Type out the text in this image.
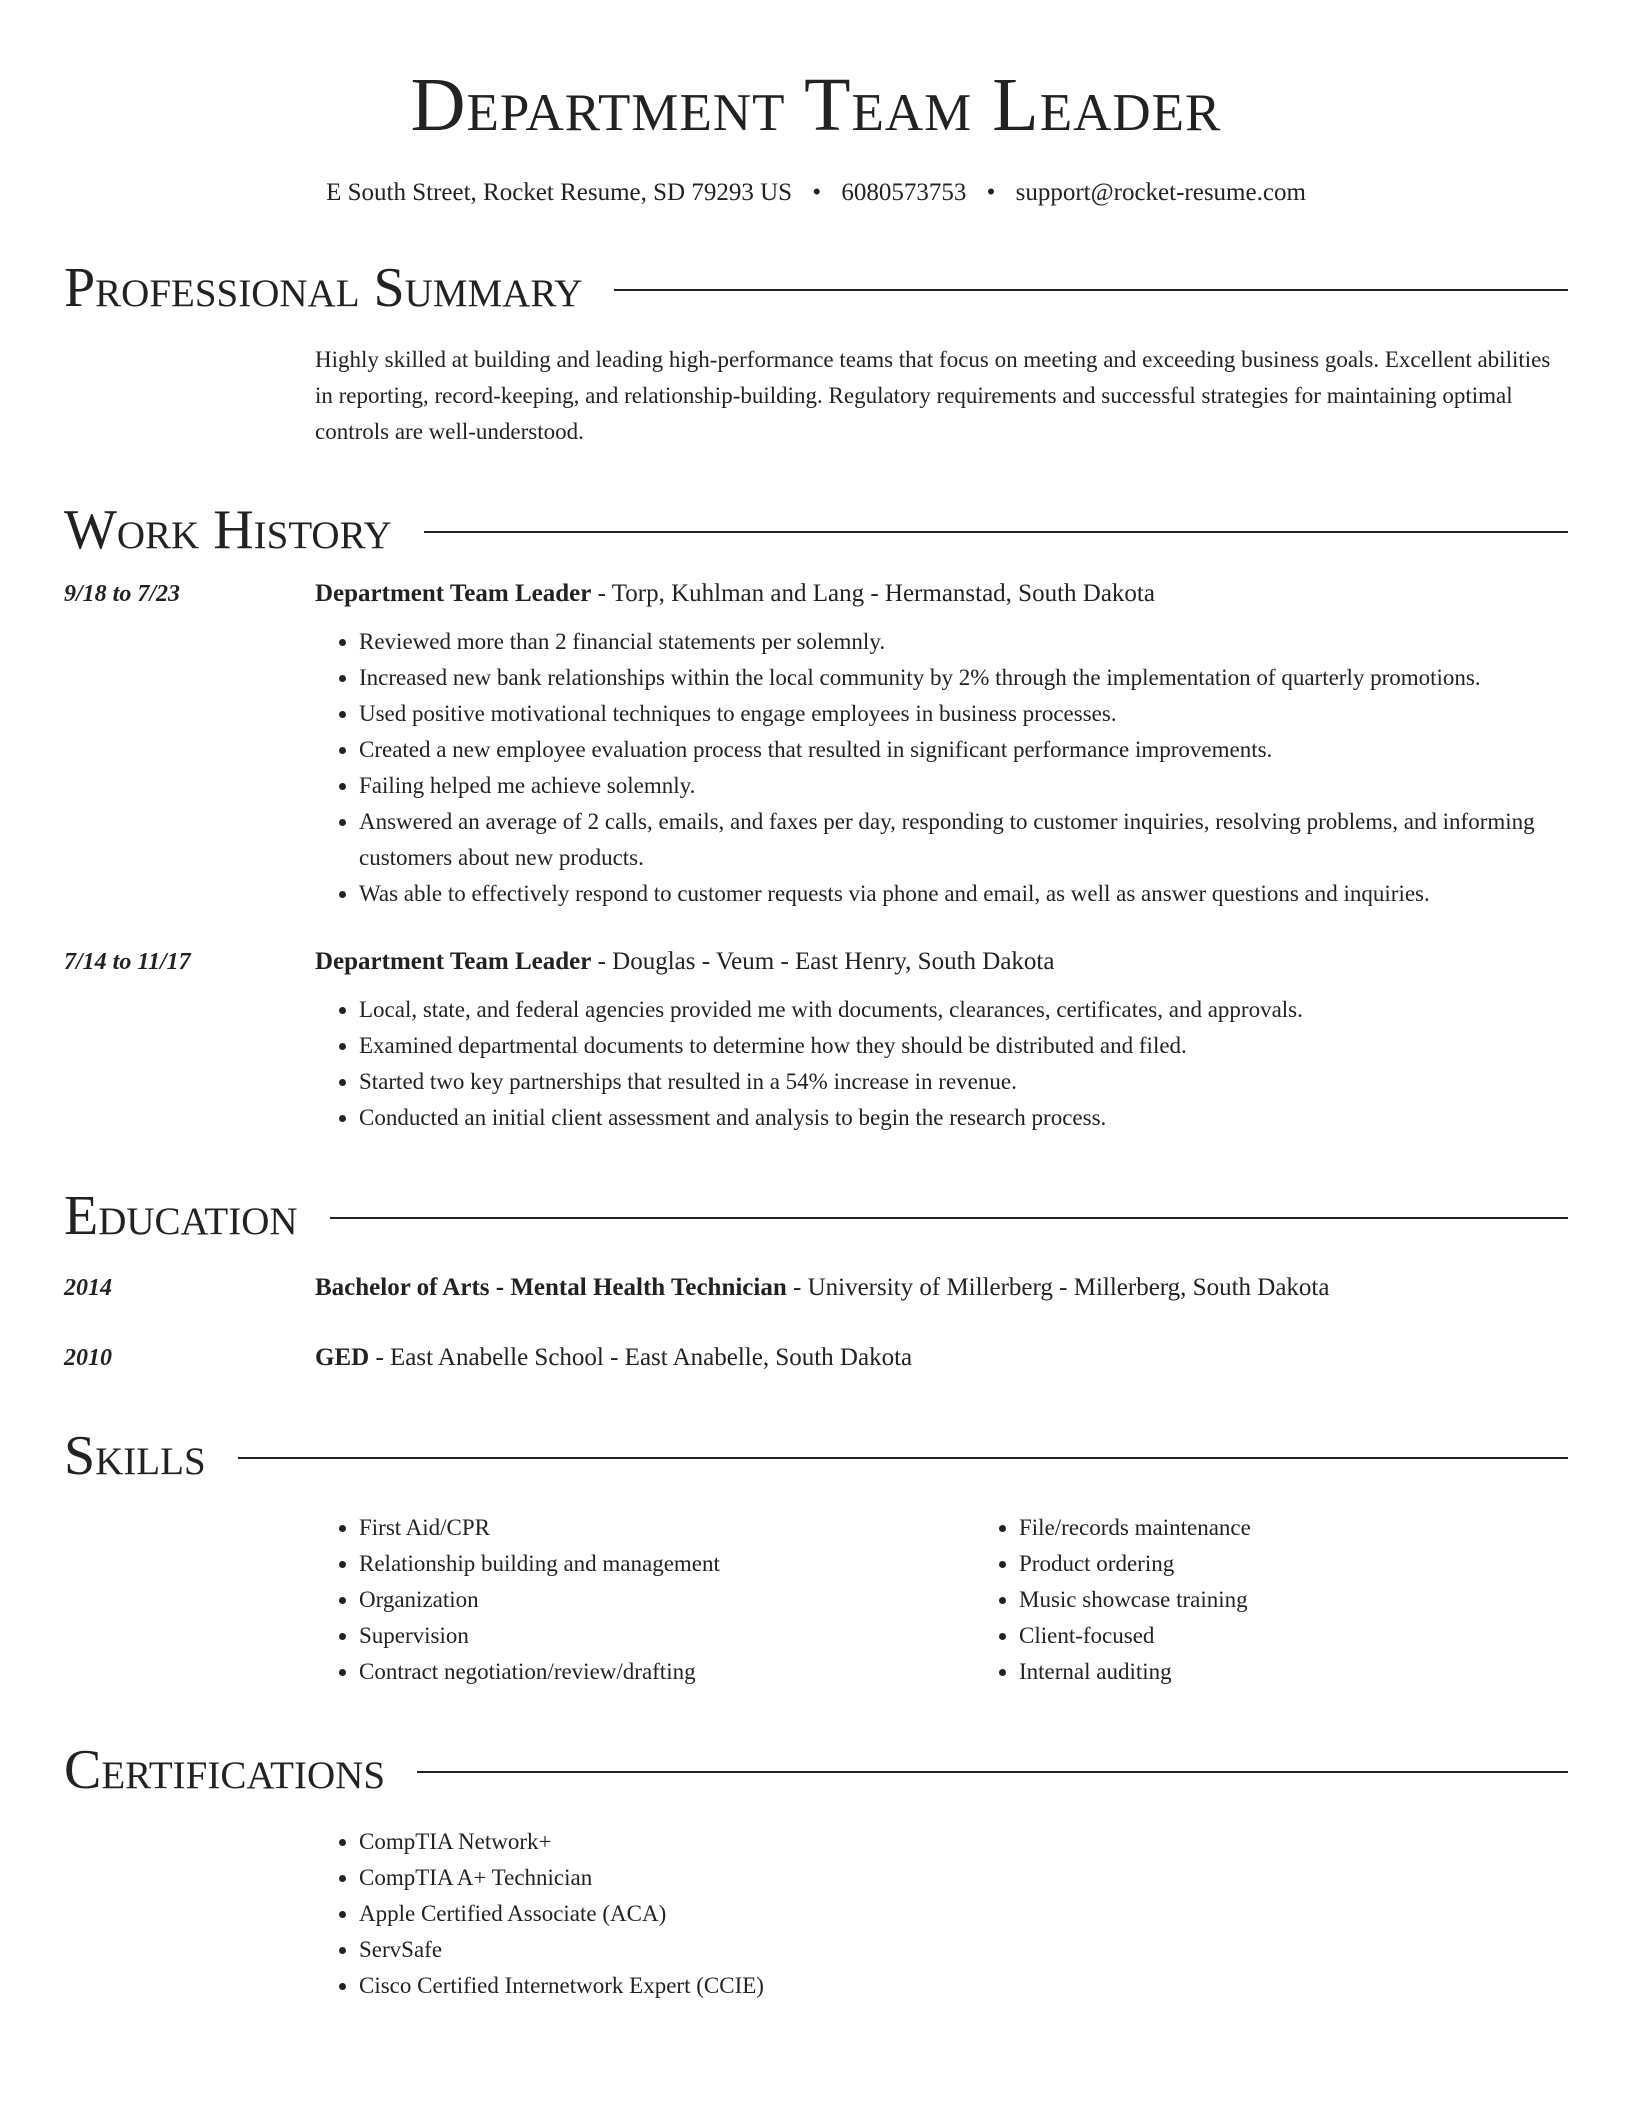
Department Team Leader
E South Street, Rocket Resume, SD 79293 US • 6080573753 • support@rocket-resume.com
Professional Summary
Highly skilled at building and leading high-performance teams that focus on meeting and exceeding business goals. Excellent abilities in reporting, record-keeping, and relationship-building. Regulatory requirements and successful strategies for maintaining optimal controls are well-understood.
Work History
9/18 to 7/23	Department Team Leader - Torp, Kuhlman and Lang - Hermanstad, South Dakota
• Reviewed more than 2 financial statements per solemnly.
• Increased new bank relationships within the local community by 2% through the implementation of quarterly promotions.
• Used positive motivational techniques to engage employees in business processes.
• Created a new employee evaluation process that resulted in significant performance improvements.
• Failing helped me achieve solemnly.
• Answered an average of 2 calls, emails, and faxes per day, responding to customer inquiries, resolving problems, and informing customers about new products.
• Was able to effectively respond to customer requests via phone and email, as well as answer questions and inquiries.
7/14 to 11/17	Department Team Leader - Douglas - Veum - East Henry, South Dakota
• Local, state, and federal agencies provided me with documents, clearances, certificates, and approvals.
• Examined departmental documents to determine how they should be distributed and filed.
• Started two key partnerships that resulted in a 54% increase in revenue.
• Conducted an initial client assessment and analysis to begin the research process.
Education
2014	Bachelor of Arts - Mental Health Technician - University of Millerberg - Millerberg, South Dakota
2010	GED - East Anabelle School - East Anabelle, South Dakota
Skills
• First Aid/CPR
• Relationship building and management
• Organization
• Supervision
• Contract negotiation/review/drafting
• File/records maintenance
• Product ordering
• Music showcase training
• Client-focused
• Internal auditing
Certifications
• CompTIA Network+
• CompTIA A+ Technician
• Apple Certified Associate (ACA)
• ServSafe
• Cisco Certified Internetwork Expert (CCIE)
